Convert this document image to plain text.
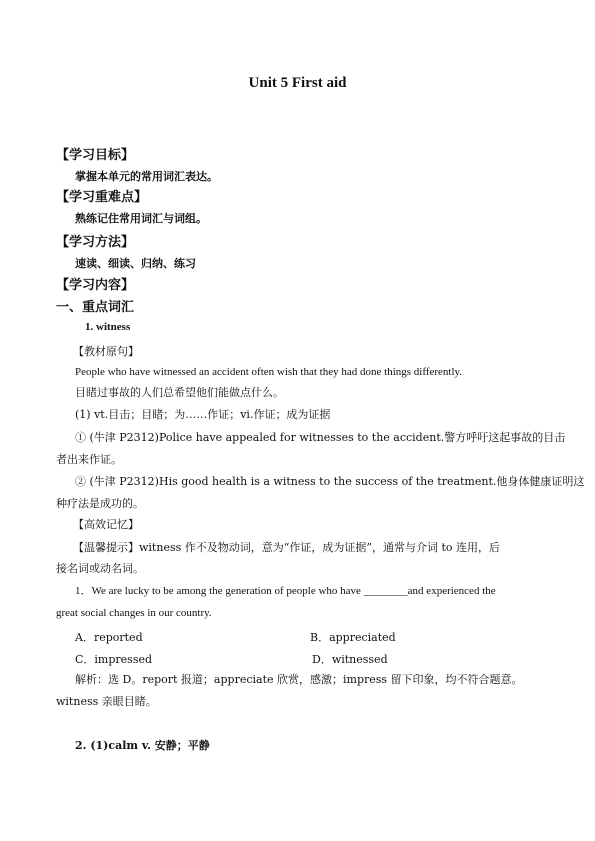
Unit 5 First aid
【学习目标】
掌握本单元的常用词汇表达。
【学习重难点】
熟练记住常用词汇与词组。
【学习方法】
速读、细读、归纳、练习
【学习内容】
一、重点词汇
1. witness
【教材原句】
People who have witnessed an accident often wish that they had done things differently.
目睹过事故的人们总希望他们能做点什么。
(1) vt.目击；目睹；为……作证；vi.作证；成为证据
① (牛津 P2312)Police have appealed for witnesses to the accident.警方呼吁这起事故的目击
者出来作证。
② (牛津 P2312)His good health is a witness to the success of the treatment.他身体健康证明这
种疗法是成功的。
【高效记忆】
【温馨提示】witness 作不及物动词，意为“作证，成为证据”，通常与介词 to 连用，后
接名词或动名词。
1．We are lucky to be among the generation of people who have ________and experienced the
great social changes in our country.
A．reported	B．appreciated
C．impressed	D．witnessed
解析：选 D。report 报道；appreciate 欣赏，感激；impress 留下印象，均不符合题意。
witness 亲眼目睹。
2. (1)calm v. 安静；平静
